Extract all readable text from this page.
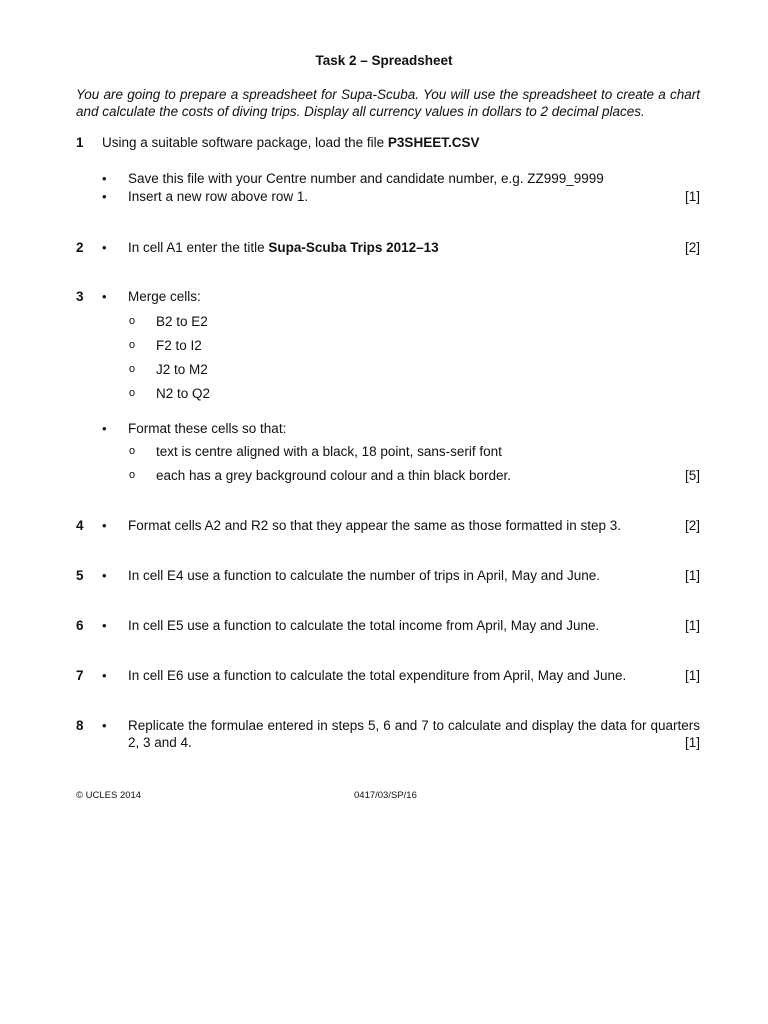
Task 2 – Spreadsheet
You are going to prepare a spreadsheet for Supa-Scuba. You will use the spreadsheet to create a chart and calculate the costs of diving trips. Display all currency values in dollars to 2 decimal places.
1 Using a suitable software package, load the file P3SHEET.CSV
• Save this file with your Centre number and candidate number, e.g. ZZ999_9999
• Insert a new row above row 1.	[1]
2 • In cell A1 enter the title Supa-Scuba Trips 2012–13	[2]
3 • Merge cells:
o B2 to E2
o F2 to I2
o J2 to M2
o N2 to Q2
• Format these cells so that:
o text is centre aligned with a black, 18 point, sans-serif font
o each has a grey background colour and a thin black border.	[5]
4 • Format cells A2 and R2 so that they appear the same as those formatted in step 3.	[2]
5 • In cell E4 use a function to calculate the number of trips in April, May and June.	[1]
6 • In cell E5 use a function to calculate the total income from April, May and June.	[1]
7 • In cell E6 use a function to calculate the total expenditure from April, May and June.	[1]
8 • Replicate the formulae entered in steps 5, 6 and 7 to calculate and display the data for quarters 2, 3 and 4.	[1]
© UCLES 2014	0417/03/SP/16
